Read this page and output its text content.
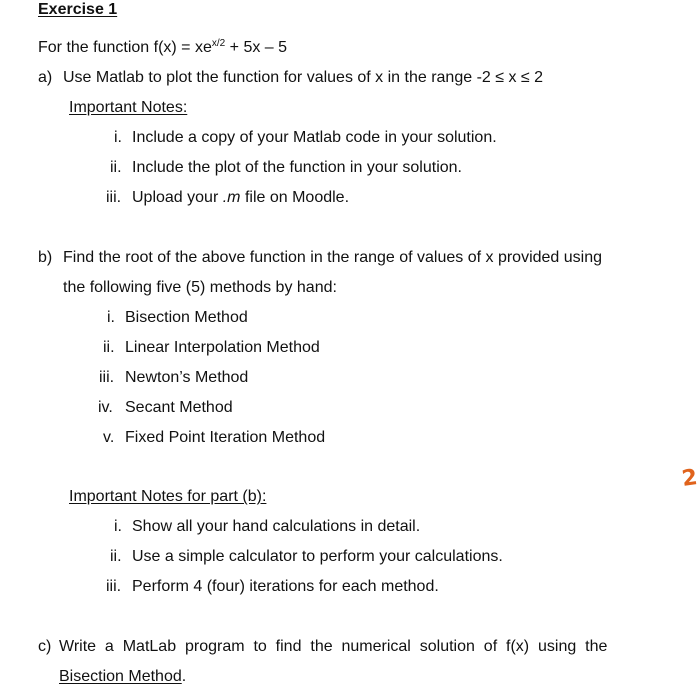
Exercise 1
For the function $f(x) = xe^{x/2} + 5x - 5$
a) Use Matlab to plot the function for values of x in the range -2 ≤ x ≤ 2
Important Notes:
i. Include a copy of your Matlab code in your solution.
ii. Include the plot of the function in your solution.
iii. Upload your .m file on Moodle.
b) Find the root of the above function in the range of values of x provided using
the following five (5) methods by hand:
i. Bisection Method
ii. Linear Interpolation Method
iii. Newton’s Method
iv. Secant Method
v. Fixed Point Iteration Method
2
Important Notes for part (b):
i. Show all your hand calculations in detail.
ii. Use a simple calculator to perform your calculations.
iii. Perform 4 (four) iterations for each method.
c) Write  a  MatLab  program  to  find  the  numerical  solution  of  f(x)  using  the
Bisection Method.
